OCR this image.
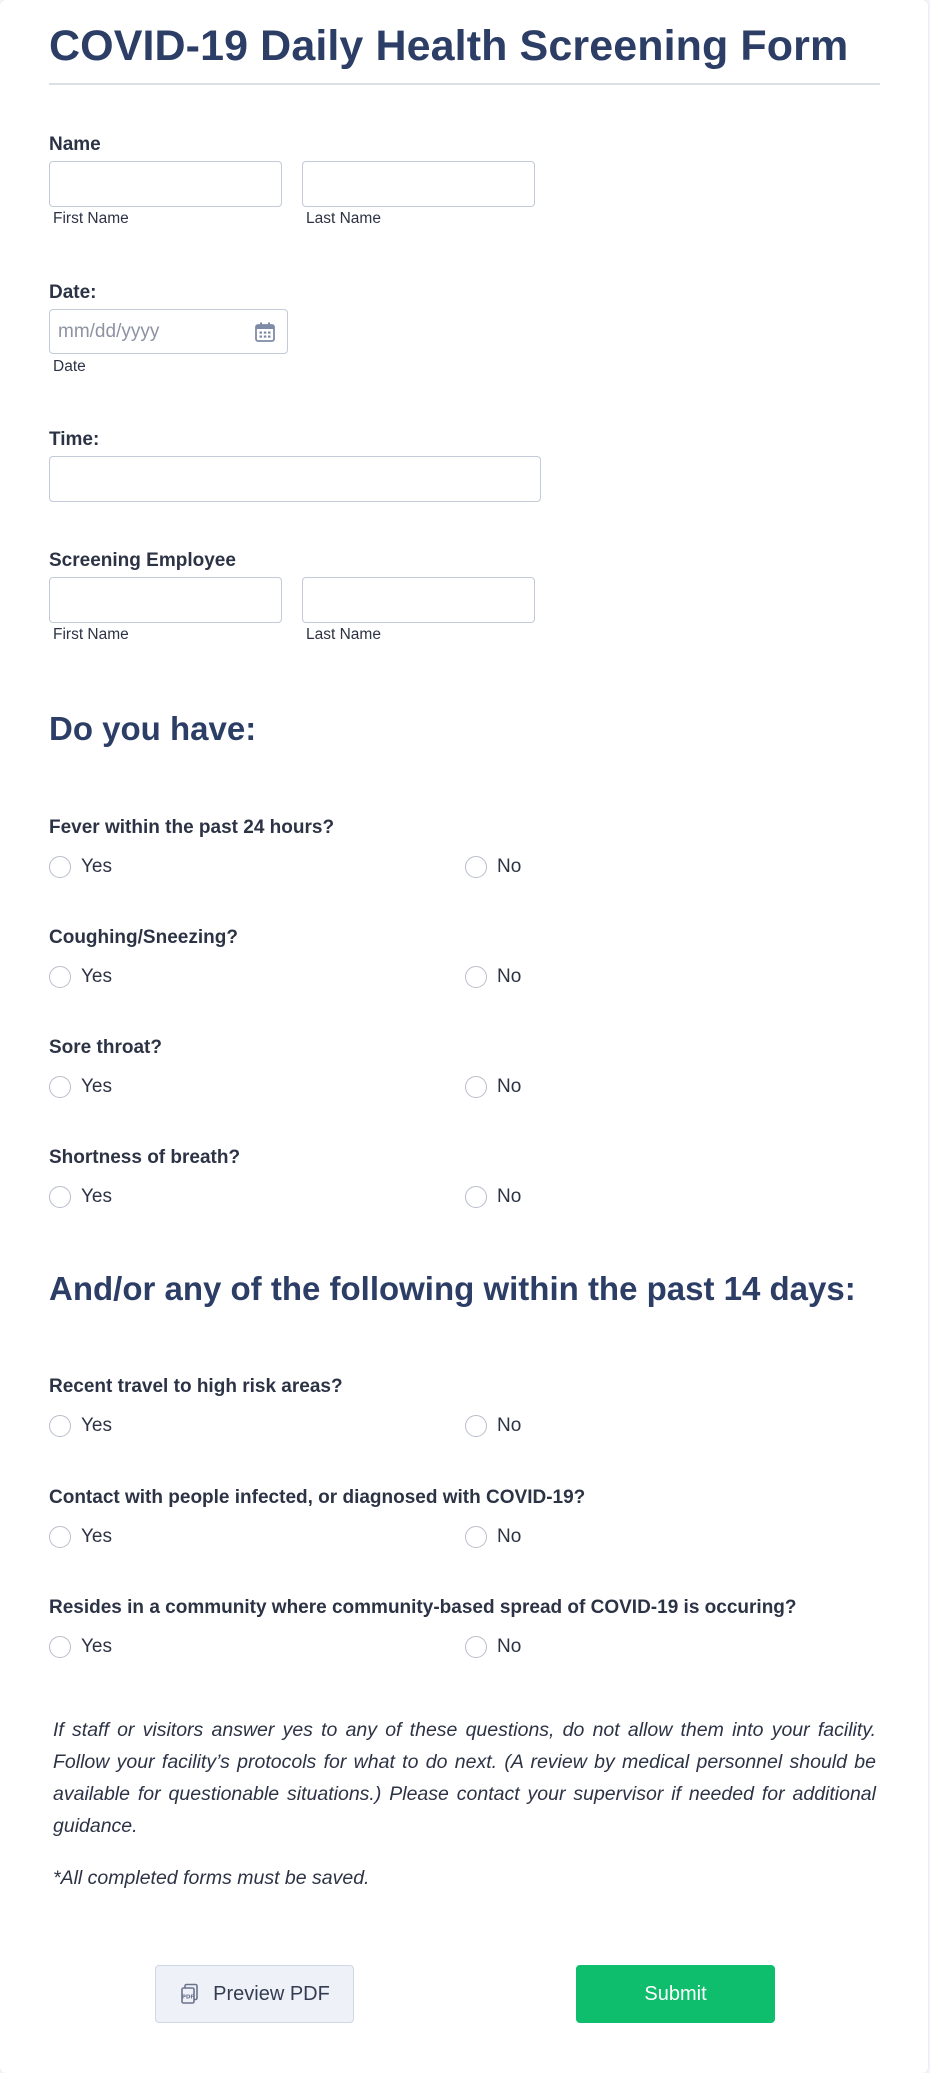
COVID-19 Daily Health Screening Form
Name
First Name	Last Name
Date:
mm/dd/yyyy
Date
Time:
Screening Employee
First Name	Last Name
Do you have:
Fever within the past 24 hours?
Yes	No
Coughing/Sneezing?
Yes	No
Sore throat?
Yes	No
Shortness of breath?
Yes	No
And/or any of the following within the past 14 days:
Recent travel to high risk areas?
Yes	No
Contact with people infected, or diagnosed with COVID-19?
Yes	No
Resides in a community where community-based spread of COVID-19 is occuring?
Yes	No
If staff or visitors answer yes to any of these questions, do not allow them into your facility. Follow your facility’s protocols for what to do next. (A review by medical personnel should be available for questionable situations.) Please contact your supervisor if needed for additional guidance.
*All completed forms must be saved.
PDF Preview PDF	Submit
